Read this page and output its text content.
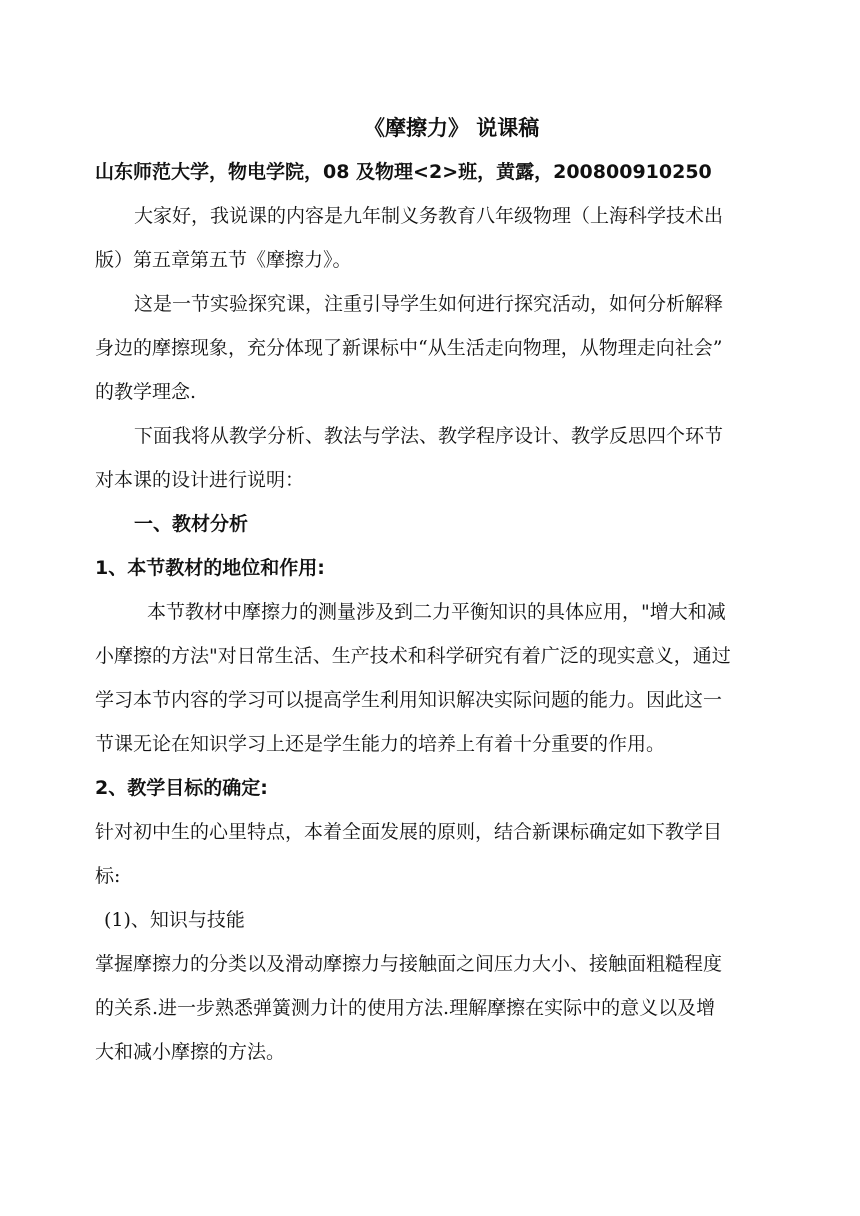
《摩擦力》 说课稿
山东师范大学，物电学院，08 及物理<2>班，黄露，200800910250
大家好，我说课的内容是九年制义务教育八年级物理（上海科学技术出
版）第五章第五节《摩擦力》。
这是一节实验探究课，注重引导学生如何进行探究活动，如何分析解释
身边的摩擦现象，充分体现了新课标中“从生活走向物理，从物理走向社会”
的教学理念.
下面我将从教学分析、教法与学法、教学程序设计、教学反思四个环节
对本课的设计进行说明：
一、教材分析
1、本节教材的地位和作用:
本节教材中摩擦力的测量涉及到二力平衡知识的具体应用，"增大和减
小摩擦的方法"对日常生活、生产技术和科学研究有着广泛的现实意义，通过
学习本节内容的学习可以提高学生利用知识解决实际问题的能力。因此这一
节课无论在知识学习上还是学生能力的培养上有着十分重要的作用。
2、教学目标的确定:
针对初中生的心里特点，本着全面发展的原则，结合新课标确定如下教学目
标:
(1)、知识与技能
掌握摩擦力的分类以及滑动摩擦力与接触面之间压力大小、接触面粗糙程度
的关系.进一步熟悉弹簧测力计的使用方法.理解摩擦在实际中的意义以及增
大和减小摩擦的方法。
